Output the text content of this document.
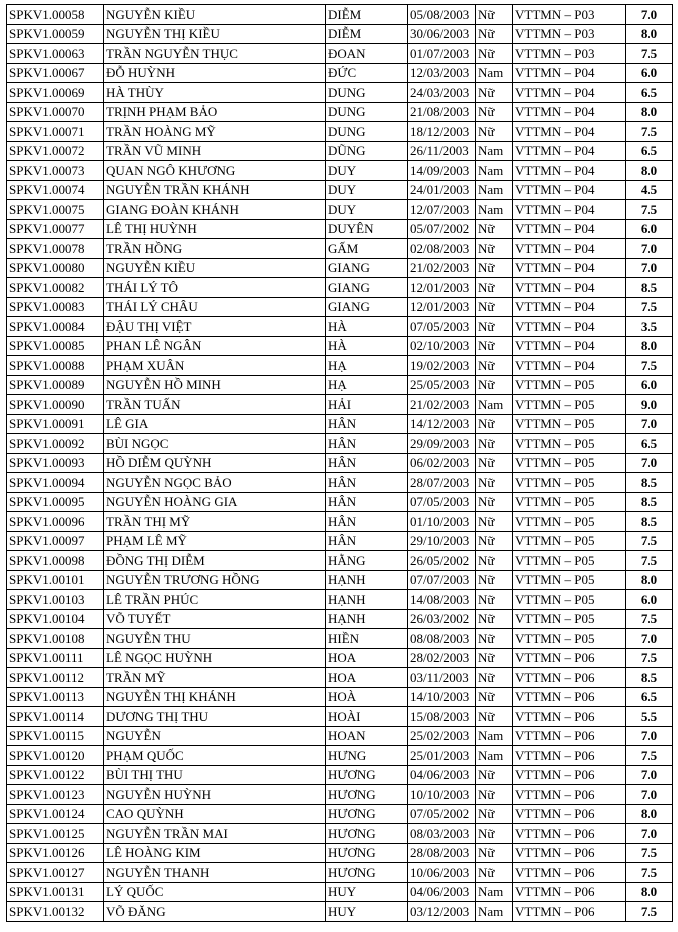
SPKV1.00058	NGUYỄN KIỀU	DIỄM	05/08/2003	Nữ	VTTMN – P03	7.0
SPKV1.00059	NGUYỄN THỊ KIỀU	DIỄM	30/06/2003	Nữ	VTTMN – P03	8.0
SPKV1.00063	TRẦN NGUYỄN THỤC	ĐOAN	01/07/2003	Nữ	VTTMN – P03	7.5
SPKV1.00067	ĐỖ HUỲNH	ĐỨC	12/03/2003	Nam	VTTMN – P04	6.0
SPKV1.00069	HÀ THÙY	DUNG	24/03/2003	Nữ	VTTMN – P04	6.5
SPKV1.00070	TRỊNH PHẠM BẢO	DUNG	21/08/2003	Nữ	VTTMN – P04	8.0
SPKV1.00071	TRẦN HOÀNG MỸ	DUNG	18/12/2003	Nữ	VTTMN – P04	7.5
SPKV1.00072	TRẦN VŨ MINH	DŨNG	26/11/2003	Nam	VTTMN – P04	6.5
SPKV1.00073	QUAN NGÔ KHƯƠNG	DUY	14/09/2003	Nam	VTTMN – P04	8.0
SPKV1.00074	NGUYỄN TRẦN KHÁNH	DUY	24/01/2003	Nam	VTTMN – P04	4.5
SPKV1.00075	GIANG ĐOÀN KHÁNH	DUY	12/07/2003	Nam	VTTMN – P04	7.5
SPKV1.00077	LÊ THỊ HUỲNH	DUYÊN	05/07/2002	Nữ	VTTMN – P04	6.0
SPKV1.00078	TRẦN HỒNG	GẤM	02/08/2003	Nữ	VTTMN – P04	7.0
SPKV1.00080	NGUYỄN KIỀU	GIANG	21/02/2003	Nữ	VTTMN – P04	7.0
SPKV1.00082	THÁI LÝ TÔ	GIANG	12/01/2003	Nữ	VTTMN – P04	8.5
SPKV1.00083	THÁI LÝ CHÂU	GIANG	12/01/2003	Nữ	VTTMN – P04	7.5
SPKV1.00084	ĐẬU THỊ VIỆT	HÀ	07/05/2003	Nữ	VTTMN – P04	3.5
SPKV1.00085	PHAN LÊ NGÂN	HÀ	02/10/2003	Nữ	VTTMN – P04	8.0
SPKV1.00088	PHẠM XUÂN	HẠ	19/02/2003	Nữ	VTTMN – P04	7.5
SPKV1.00089	NGUYỄN HỒ MINH	HẠ	25/05/2003	Nữ	VTTMN – P05	6.0
SPKV1.00090	TRẦN TUẤN	HẢI	21/02/2003	Nam	VTTMN – P05	9.0
SPKV1.00091	LÊ GIA	HÂN	14/12/2003	Nữ	VTTMN – P05	7.0
SPKV1.00092	BÙI NGỌC	HÂN	29/09/2003	Nữ	VTTMN – P05	6.5
SPKV1.00093	HỒ DIỄM QUỲNH	HÂN	06/02/2003	Nữ	VTTMN – P05	7.0
SPKV1.00094	NGUYỄN NGỌC BẢO	HÂN	28/07/2003	Nữ	VTTMN – P05	8.5
SPKV1.00095	NGUYỄN HOÀNG GIA	HÂN	07/05/2003	Nữ	VTTMN – P05	8.5
SPKV1.00096	TRẦN THỊ MỸ	HÂN	01/10/2003	Nữ	VTTMN – P05	8.5
SPKV1.00097	PHẠM LÊ MỸ	HÂN	29/10/2003	Nữ	VTTMN – P05	7.5
SPKV1.00098	ĐỒNG THỊ DIỄM	HẰNG	26/05/2002	Nữ	VTTMN – P05	7.5
SPKV1.00101	NGUYỄN TRƯƠNG HỒNG	HẠNH	07/07/2003	Nữ	VTTMN – P05	8.0
SPKV1.00103	LÊ TRẦN PHÚC	HẠNH	14/08/2003	Nữ	VTTMN – P05	6.0
SPKV1.00104	VÕ TUYẾT	HẠNH	26/03/2002	Nữ	VTTMN – P05	7.5
SPKV1.00108	NGUYỄN THU	HIỀN	08/08/2003	Nữ	VTTMN – P05	7.0
SPKV1.00111	LÊ NGỌC HUỲNH	HOA	28/02/2003	Nữ	VTTMN – P06	7.5
SPKV1.00112	TRẦN MỸ	HOA	03/11/2003	Nữ	VTTMN – P06	8.5
SPKV1.00113	NGUYỄN THỊ KHÁNH	HOÀ	14/10/2003	Nữ	VTTMN – P06	6.5
SPKV1.00114	DƯƠNG THỊ THU	HOÀI	15/08/2003	Nữ	VTTMN – P06	5.5
SPKV1.00115	NGUYỄN	HOAN	25/02/2003	Nam	VTTMN – P06	7.0
SPKV1.00120	PHẠM QUỐC	HƯNG	25/01/2003	Nam	VTTMN – P06	7.5
SPKV1.00122	BÙI THỊ THU	HƯƠNG	04/06/2003	Nữ	VTTMN – P06	7.0
SPKV1.00123	NGUYỄN HUỲNH	HƯƠNG	10/10/2003	Nữ	VTTMN – P06	7.0
SPKV1.00124	CAO QUỲNH	HƯƠNG	07/05/2002	Nữ	VTTMN – P06	8.0
SPKV1.00125	NGUYỄN TRẦN MAI	HƯƠNG	08/03/2003	Nữ	VTTMN – P06	7.0
SPKV1.00126	LÊ HOÀNG KIM	HƯƠNG	28/08/2003	Nữ	VTTMN – P06	7.5
SPKV1.00127	NGUYỄN THANH	HƯƠNG	10/06/2003	Nữ	VTTMN – P06	7.5
SPKV1.00131	LÝ QUỐC	HUY	04/06/2003	Nam	VTTMN – P06	8.0
SPKV1.00132	VÕ ĐĂNG	HUY	03/12/2003	Nam	VTTMN – P06	7.5
